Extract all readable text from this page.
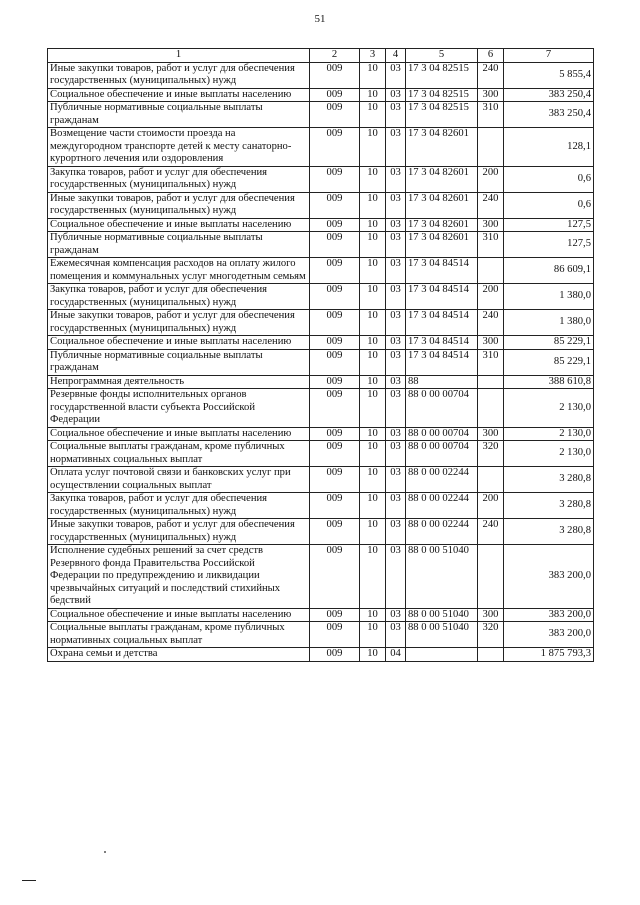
51
1	2	3	4	5	6	7
Иные закупки товаров, работ и услуг для обеспечения государственных (муниципальных) нужд	009	10	03	17 3 04 82515	240	5 855,4
Социальное обеспечение и иные выплаты населению	009	10	03	17 3 04 82515	300	383 250,4
Публичные нормативные социальные выплаты гражданам	009	10	03	17 3 04 82515	310	383 250,4
Возмещение части стоимости проезда на междугородном транспорте детей к месту санаторно-курортного лечения или оздоровления	009	10	03	17 3 04 82601		128,1
Закупка товаров, работ и услуг для обеспечения государственных (муниципальных) нужд	009	10	03	17 3 04 82601	200	0,6
Иные закупки товаров, работ и услуг для обеспечения государственных (муниципальных) нужд	009	10	03	17 3 04 82601	240	0,6
Социальное обеспечение и иные выплаты населению	009	10	03	17 3 04 82601	300	127,5
Публичные нормативные социальные выплаты гражданам	009	10	03	17 3 04 82601	310	127,5
Ежемесячная компенсация расходов на оплату жилого помещения и коммунальных услуг многодетным семьям	009	10	03	17 3 04 84514		86 609,1
Закупка товаров, работ и услуг для обеспечения государственных (муниципальных) нужд	009	10	03	17 3 04 84514	200	1 380,0
Иные закупки товаров, работ и услуг для обеспечения государственных (муниципальных) нужд	009	10	03	17 3 04 84514	240	1 380,0
Социальное обеспечение и иные выплаты населению	009	10	03	17 3 04 84514	300	85 229,1
Публичные нормативные социальные выплаты гражданам	009	10	03	17 3 04 84514	310	85 229,1
Непрограммная деятельность	009	10	03	88		388 610,8
Резервные фонды исполнительных органов государственной власти субъекта Российской Федерации	009	10	03	88 0 00 00704		2 130,0
Социальное обеспечение и иные выплаты населению	009	10	03	88 0 00 00704	300	2 130,0
Социальные выплаты гражданам, кроме публичных нормативных социальных выплат	009	10	03	88 0 00 00704	320	2 130,0
Оплата услуг почтовой связи и банковских услуг при осуществлении социальных выплат	009	10	03	88 0 00 02244		3 280,8
Закупка товаров, работ и услуг для обеспечения государственных (муниципальных) нужд	009	10	03	88 0 00 02244	200	3 280,8
Иные закупки товаров, работ и услуг для обеспечения государственных (муниципальных) нужд	009	10	03	88 0 00 02244	240	3 280,8
Исполнение судебных решений за счет средств Резервного фонда Правительства Российской Федерации по предупреждению и ликвидации чрезвычайных ситуаций и последствий стихийных бедствий	009	10	03	88 0 00 51040		383 200,0
Социальное обеспечение и иные выплаты населению	009	10	03	88 0 00 51040	300	383 200,0
Социальные выплаты гражданам, кроме публичных нормативных социальных выплат	009	10	03	88 0 00 51040	320	383 200,0
Охрана семьи и детства	009	10	04			1 875 793,3
